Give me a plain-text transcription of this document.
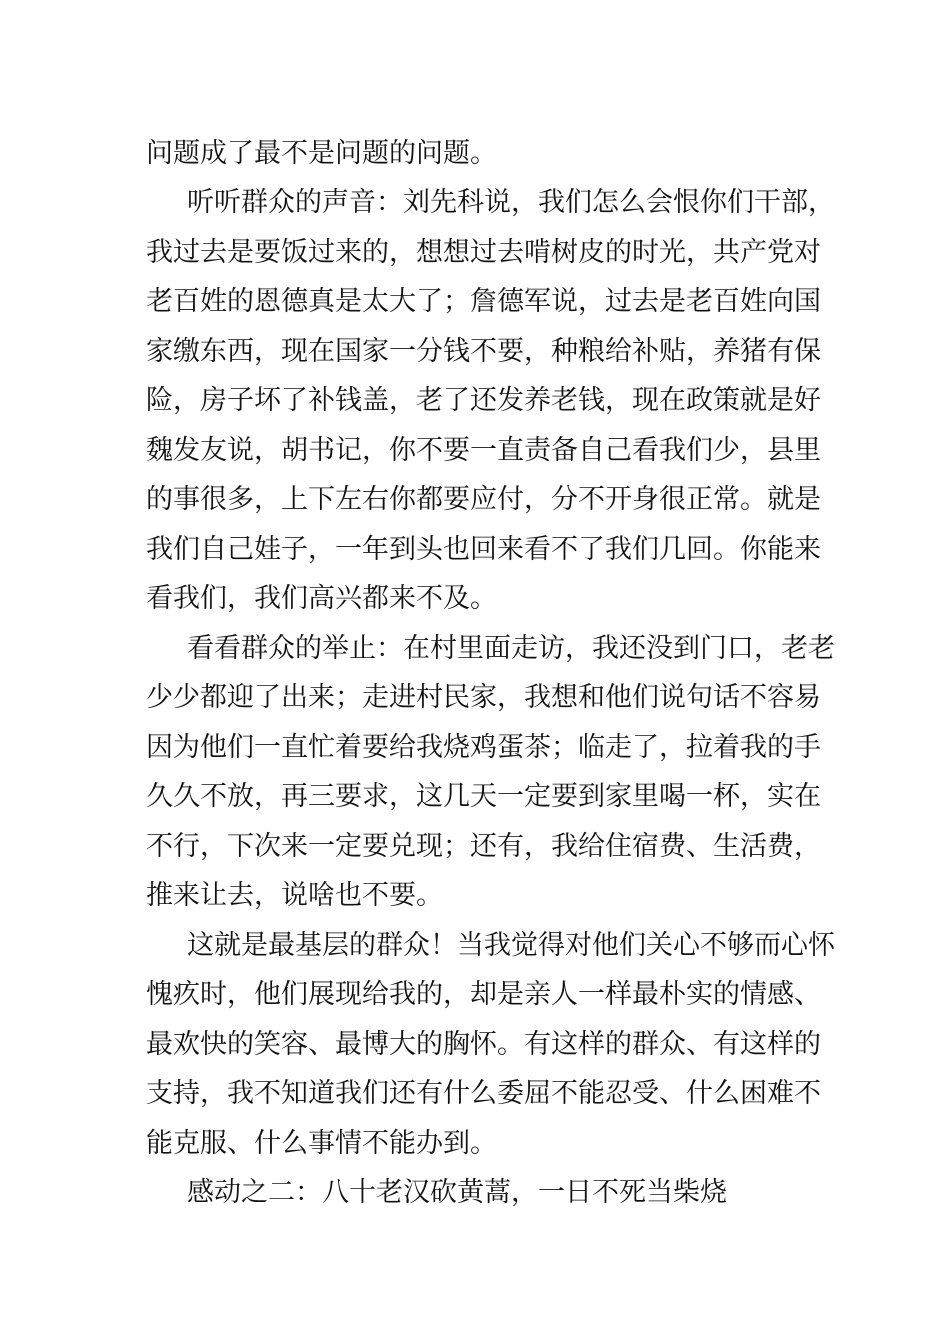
问题成了最不是问题的问题。
听听群众的声音：刘先科说，我们怎么会恨你们干部，
我过去是要饭过来的，想想过去啃树皮的时光，共产党对
老百姓的恩德真是太大了；詹德军说，过去是老百姓向国
家缴东西，现在国家一分钱不要，种粮给补贴，养猪有保
险，房子坏了补钱盖，老了还发养老钱，现在政策就是好
魏发友说，胡书记，你不要一直责备自己看我们少，县里
的事很多，上下左右你都要应付，分不开身很正常。就是
我们自己娃子，一年到头也回来看不了我们几回。你能来
看我们，我们高兴都来不及。
看看群众的举止：在村里面走访，我还没到门口，老老
少少都迎了出来；走进村民家，我想和他们说句话不容易
因为他们一直忙着要给我烧鸡蛋茶；临走了，拉着我的手
久久不放，再三要求，这几天一定要到家里喝一杯，实在
不行，下次来一定要兑现；还有，我给住宿费、生活费，
推来让去，说啥也不要。
这就是最基层的群众！当我觉得对他们关心不够而心怀
愧疚时，他们展现给我的，却是亲人一样最朴实的情感、
最欢快的笑容、最博大的胸怀。有这样的群众、有这样的
支持，我不知道我们还有什么委屈不能忍受、什么困难不
能克服、什么事情不能办到。
感动之二：八十老汉砍黄蒿，一日不死当柴烧
